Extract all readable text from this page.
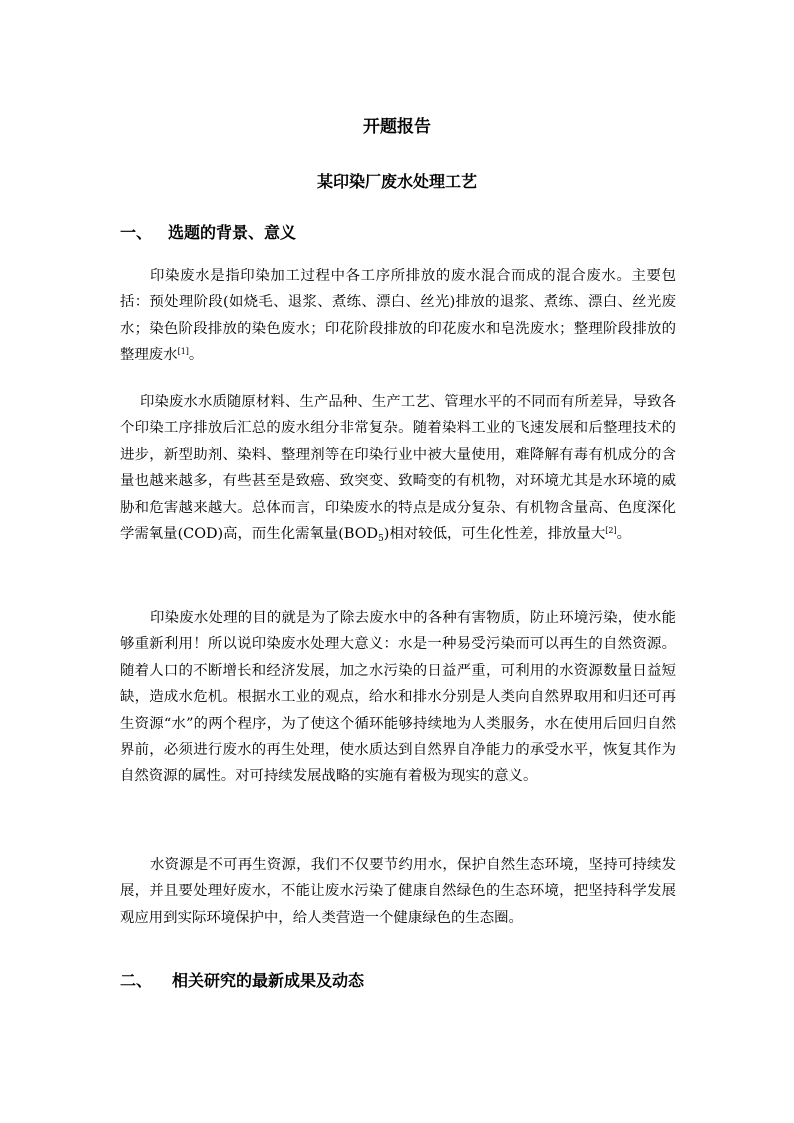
开题报告
某印染厂废水处理工艺
一、 选题的背景、意义

印染废水是指印染加工过程中各工序所排放的废水混合而成的混合废水。主要包括：预处理阶段(如烧毛、退浆、煮练、漂白、丝光)排放的退浆、煮练、漂白、丝光废水；染色阶段排放的染色废水；印花阶段排放的印花废水和皂洗废水；整理阶段排放的整理废水[1]。

印染废水水质随原材料、生产品种、生产工艺、管理水平的不同而有所差异，导致各个印染工序排放后汇总的废水组分非常复杂。随着染料工业的飞速发展和后整理技术的进步，新型助剂、染料、整理剂等在印染行业中被大量使用，难降解有毒有机成分的含量也越来越多，有些甚至是致癌、致突变、致畸变的有机物，对环境尤其是水环境的威胁和危害越来越大。总体而言，印染废水的特点是成分复杂、有机物含量高、色度深化学需氧量(COD)高，而生化需氧量$(BOD_5)$相对较低，可生化性差，排放量大[2]。

印染废水处理的目的就是为了除去废水中的各种有害物质，防止环境污染，使水能够重新利用！所以说印染废水处理大意义：水是一种易受污染而可以再生的自然资源。随着人口的不断增长和经济发展，加之水污染的日益严重，可利用的水资源数量日益短缺，造成水危机。根据水工业的观点，给水和排水分别是人类向自然界取用和归还可再生资源“水”的两个程序，为了使这个循环能够持续地为人类服务，水在使用后回归自然界前，必须进行废水的再生处理，使水质达到自然界自净能力的承受水平，恢复其作为自然资源的属性。对可持续发展战略的实施有着极为现实的意义。

水资源是不可再生资源，我们不仅要节约用水，保护自然生态环境，坚持可持续发展，并且要处理好废水，不能让废水污染了健康自然绿色的生态环境，把坚持科学发展观应用到实际环境保护中，给人类营造一个健康绿色的生态圈。

二、 相关研究的最新成果及动态
